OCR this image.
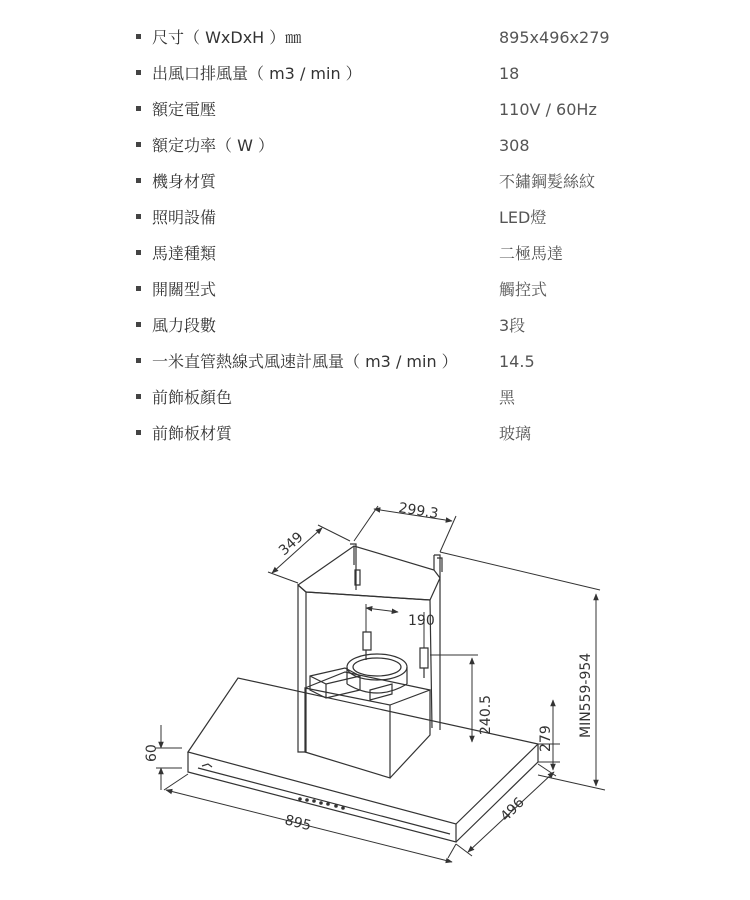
尺寸（ WxDxH ）㎜	895x496x279
出風口排風量（ m3 / min ）	18
額定電壓	110V / 60Hz
額定功率（ W ）	308
機身材質	不鏽鋼髮絲紋
照明設備	LED燈
馬達種類	二極馬達
開關型式	觸控式
風力段數	3段
一米直管熱線式風速計風量（ m3 / min ）	14.5
前飾板顏色	黑
前飾板材質	玻璃
299.3
349
190
240.5
279
MIN559-954
60
895	496
